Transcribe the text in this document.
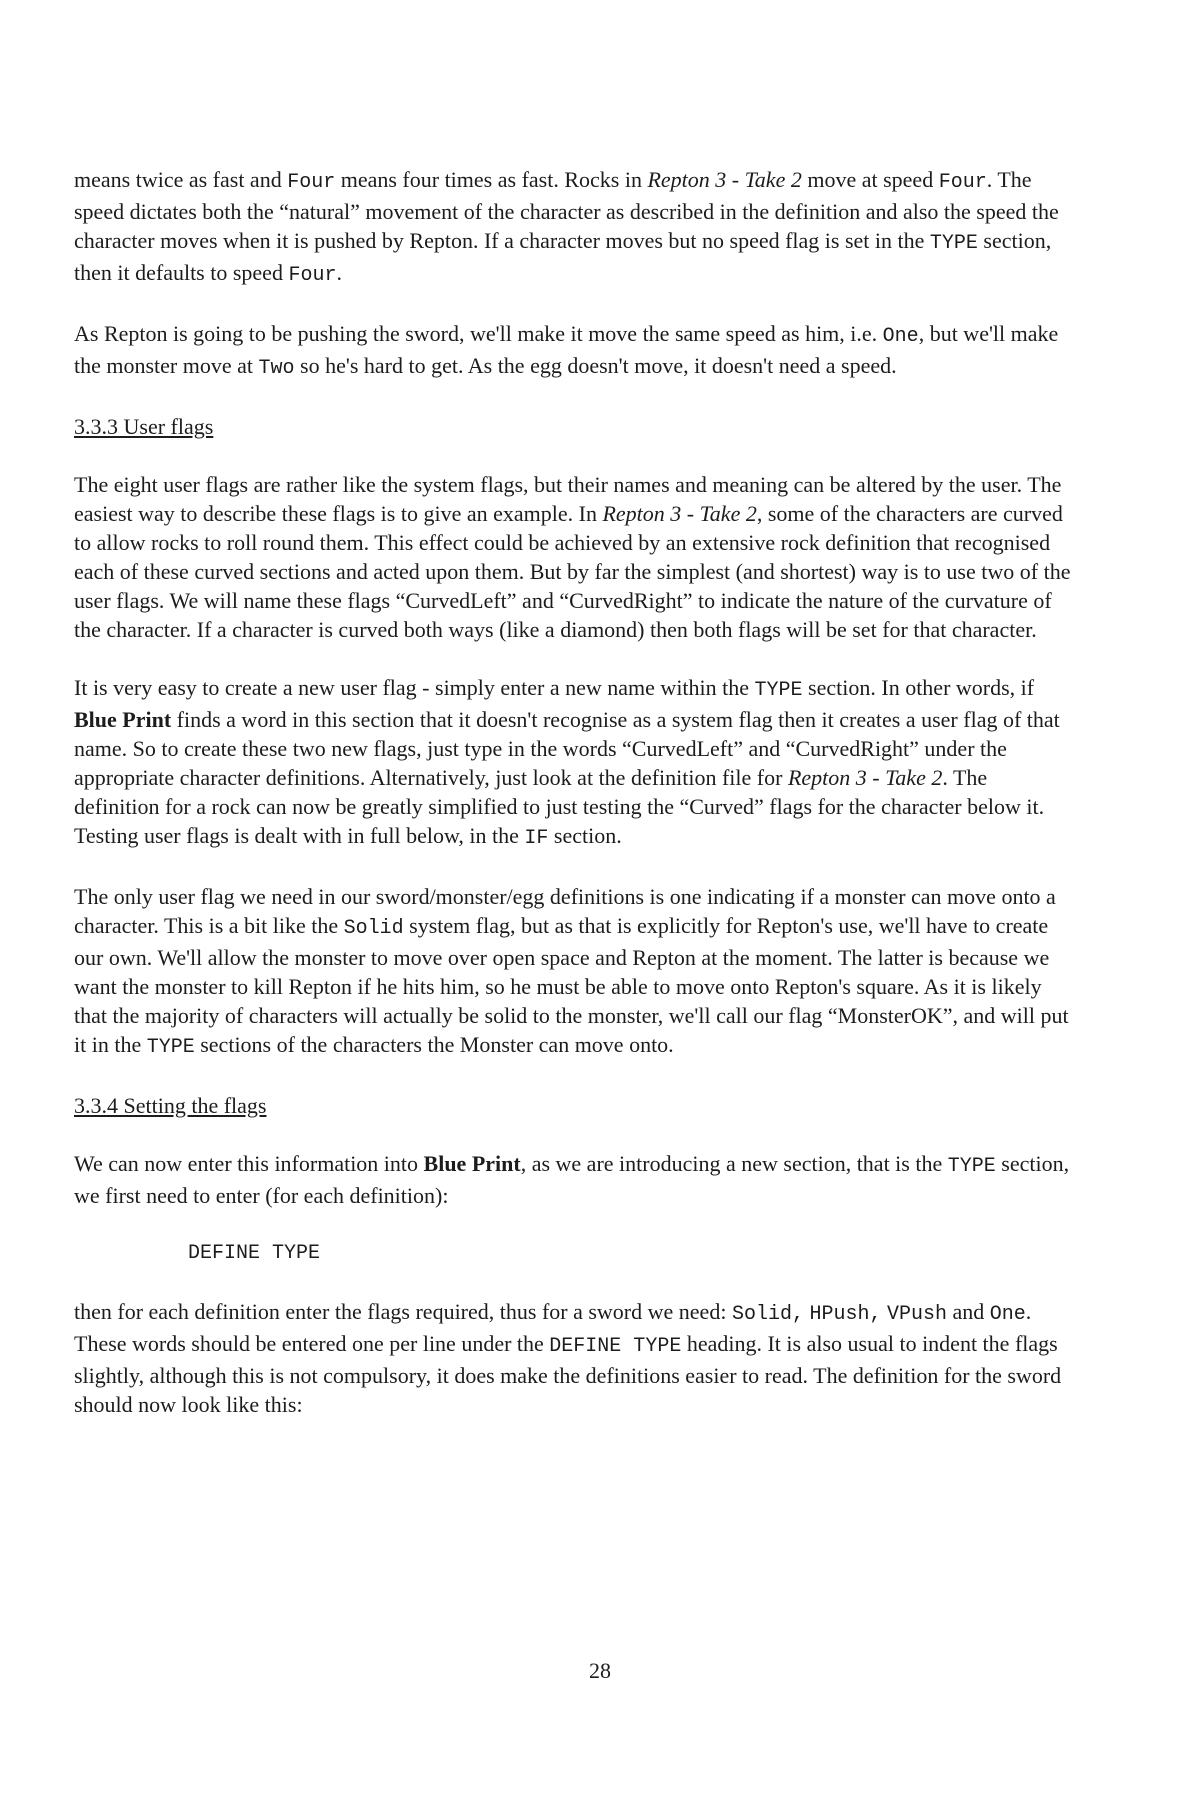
means twice as fast and Four means four times as fast. Rocks in Repton 3 - Take 2 move at speed Four. The speed dictates both the “natural” movement of the character as described in the definition and also the speed the character moves when it is pushed by Repton. If a character moves but no speed flag is set in the TYPE section, then it defaults to speed Four.

As Repton is going to be pushing the sword, we'll make it move the same speed as him, i.e. One, but we'll make the monster move at Two so he's hard to get. As the egg doesn't move, it doesn't need a speed.

3.3.3 User flags

The eight user flags are rather like the system flags, but their names and meaning can be altered by the user. The easiest way to describe these flags is to give an example. In Repton 3 - Take 2, some of the characters are curved to allow rocks to roll round them. This effect could be achieved by an extensive rock definition that recognised each of these curved sections and acted upon them. But by far the simplest (and shortest) way is to use two of the user flags. We will name these flags “CurvedLeft” and “CurvedRight” to indicate the nature of the curvature of the character. If a character is curved both ways (like a diamond) then both flags will be set for that character.

It is very easy to create a new user flag - simply enter a new name within the TYPE section. In other words, if Blue Print finds a word in this section that it doesn't recognise as a system flag then it creates a user flag of that name. So to create these two new flags, just type in the words “CurvedLeft” and “CurvedRight” under the appropriate character definitions. Alternatively, just look at the definition file for Repton 3 - Take 2. The definition for a rock can now be greatly simplified to just testing the “Curved” flags for the character below it. Testing user flags is dealt with in full below, in the IF section.

The only user flag we need in our sword/monster/egg definitions is one indicating if a monster can move onto a character. This is a bit like the Solid system flag, but as that is explicitly for Repton's use, we'll have to create our own. We'll allow the monster to move over open space and Repton at the moment. The latter is because we want the monster to kill Repton if he hits him, so he must be able to move onto Repton's square. As it is likely that the majority of characters will actually be solid to the monster, we'll call our flag “MonsterOK”, and will put it in the TYPE sections of the characters the Monster can move onto.

3.3.4 Setting the flags

We can now enter this information into Blue Print, as we are introducing a new section, that is the TYPE section, we first need to enter (for each definition):

DEFINE TYPE

then for each definition enter the flags required, thus for a sword we need: Solid, HPush, VPush and One. These words should be entered one per line under the DEFINE TYPE heading. It is also usual to indent the flags slightly, although this is not compulsory, it does make the definitions easier to read. The definition for the sword should now look like this:

28
